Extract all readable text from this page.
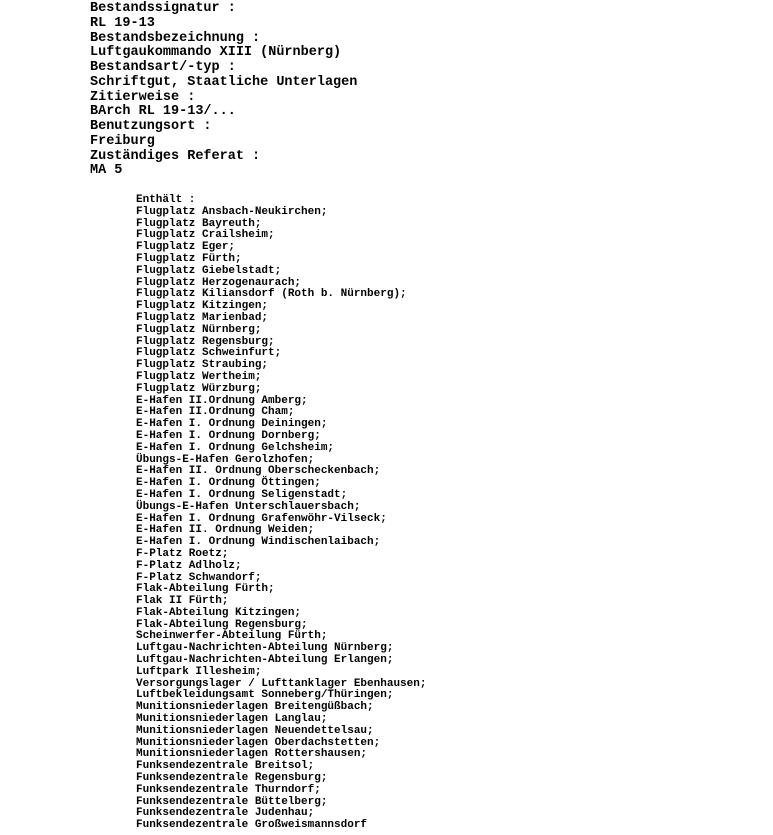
Bestandssignatur :
RL 19-13
Bestandsbezeichnung :
Luftgaukommando XIII (Nürnberg)
Bestandsart/-typ :
Schriftgut, Staatliche Unterlagen
Zitierweise :
BArch RL 19-13/...
Benutzungsort :
Freiburg
Zuständiges Referat :
MA 5
Enthält :
Flugplatz Ansbach-Neukirchen;
Flugplatz Bayreuth;
Flugplatz Crailsheim;
Flugplatz Eger;
Flugplatz Fürth;
Flugplatz Giebelstadt;
Flugplatz Herzogenaurach;
Flugplatz Kiliansdorf (Roth b. Nürnberg);
Flugplatz Kitzingen;
Flugplatz Marienbad;
Flugplatz Nürnberg;
Flugplatz Regensburg;
Flugplatz Schweinfurt;
Flugplatz Straubing;
Flugplatz Wertheim;
Flugplatz Würzburg;
E-Hafen II.Ordnung Amberg;
E-Hafen II.Ordnung Cham;
E-Hafen I. Ordnung Deiningen;
E-Hafen I. Ordnung Dornberg;
E-Hafen I. Ordnung Gelchsheim;
Übungs-E-Hafen Gerolzhofen;
E-Hafen II. Ordnung Oberscheckenbach;
E-Hafen I. Ordnung Öttingen;
E-Hafen I. Ordnung Seligenstadt;
Übungs-E-Hafen Unterschlauersbach;
E-Hafen I. Ordnung Grafenwöhr-Vilseck;
E-Hafen II. Ordnung Weiden;
E-Hafen I. Ordnung Windischenlaibach;
F-Platz Roetz;
F-Platz Adlholz;
F-Platz Schwandorf;
Flak-Abteilung Fürth;
Flak II Fürth;
Flak-Abteilung Kitzingen;
Flak-Abteilung Regensburg;
Scheinwerfer-Abteilung Fürth;
Luftgau-Nachrichten-Abteilung Nürnberg;
Luftgau-Nachrichten-Abteilung Erlangen;
Luftpark Illesheim;
Versorgungslager / Lufttanklager Ebenhausen;
Luftbekleidungsamt Sonneberg/Thüringen;
Munitionsniederlagen Breitengüßbach;
Munitionsniederlagen Langlau;
Munitionsniederlagen Neuendettelsau;
Munitionsniederlagen Oberdachstetten;
Munitionsniederlagen Rottershausen;
Funksendezentrale Breitsol;
Funksendezentrale Regensburg;
Funksendezentrale Thurndorf;
Funksendezentrale Büttelberg;
Funksendezentrale Judenhau;
Funksendezentrale Großweismannsdorf
